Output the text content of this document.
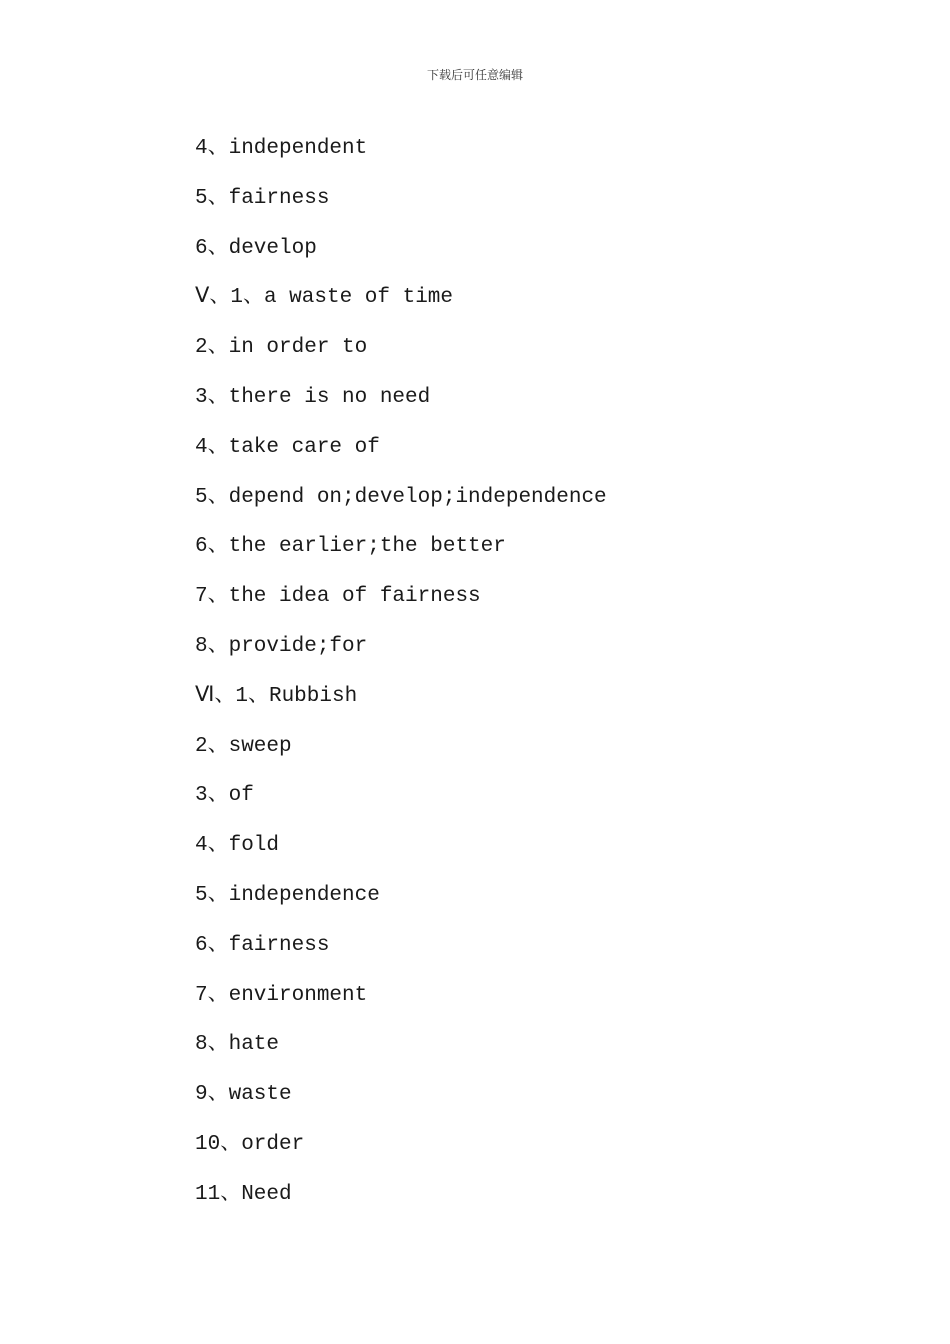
下载后可任意编辑
4、independent
5、fairness
6、develop
Ⅴ、1、a waste of time
2、in order to
3、there is no need
4、take care of
5、depend on;develop;independence
6、the earlier;the better
7、the idea of fairness
8、provide;for
Ⅵ、1、Rubbish
2、sweep
3、of
4、fold
5、independence
6、fairness
7、environment
8、hate
9、waste
10、order
11、Need
